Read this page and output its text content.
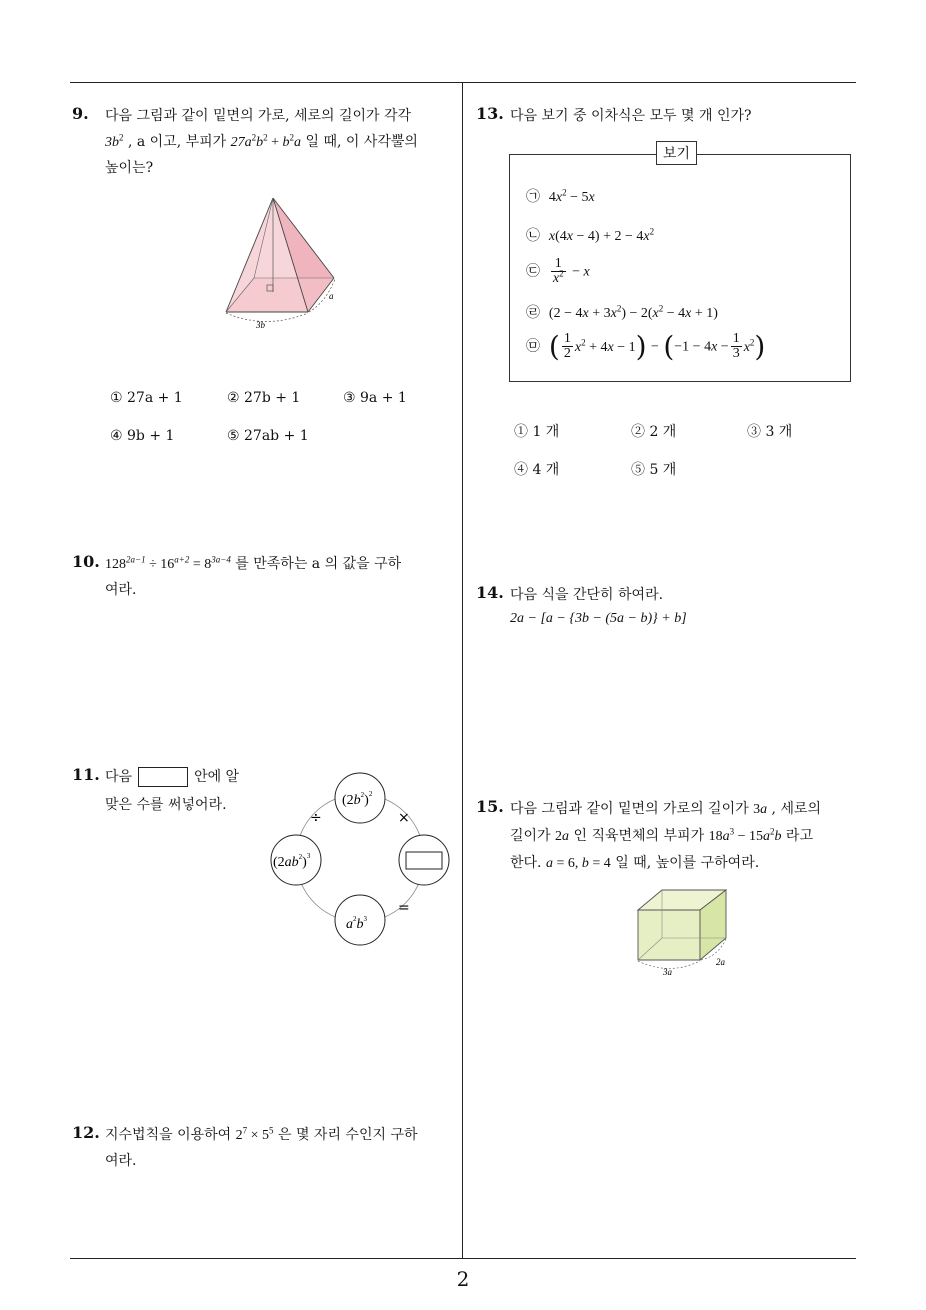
9. 다음 그림과 같이 밑면의 가로, 세로의 길이가 각각
$3b^2$ , a 이고, 부피가 $27a^2b^2 + b^2a$ 일 때, 이 사각뿔의
높이는?
3b
a
① 27a + 1	② 27b + 1	③ 9a + 1
④ 9b + 1	⑤ 27ab + 1
10. $128^{2a-1} \div 16^{a+2} = 8^{3a-4}$ 를 만족하는 a 의 값을 구하
여라.
11. 다음	안에 알
맞은 수를 써넣어라.	$(2b^2)^2$
$(2ab^2)^3$
$a^2b^3$
÷	×
=
12. 지수법칙을 이용하여 $2^7 \times 5^5$ 은 몇 자리 수인지 구하
여라.
13. 다음 보기 중 이차식은 모두 몇 개 인가?
보기
㉠ $4x^2 - 5x$
㉡ $x(4x - 4) + 2 - 4x^2$
㉢ $\frac{1}{x^2} - x$
㉣ $(2 - 4x + 3x^2) - 2(x^2 - 4x + 1)$
㉤ ( $\frac{1}{2} x^2 + 4x - 1) - (-1 - 4x - \frac{1}{3} x^2)$
① 1 개	② 2 개	③ 3 개
④ 4 개	⑤ 5 개
14. 다음 식을 간단히 하여라.
2a − [a − {3b − (5a − b)} + b]
15. 다음 그림과 같이 밑면의 가로의 길이가 3a , 세로의
길이가 2a 인 직육면체의 부피가 $18a^3 - 15a^2b$ 라고
한다. a = 6, b = 4 일 때, 높이를 구하여라.
3a
2a
2
